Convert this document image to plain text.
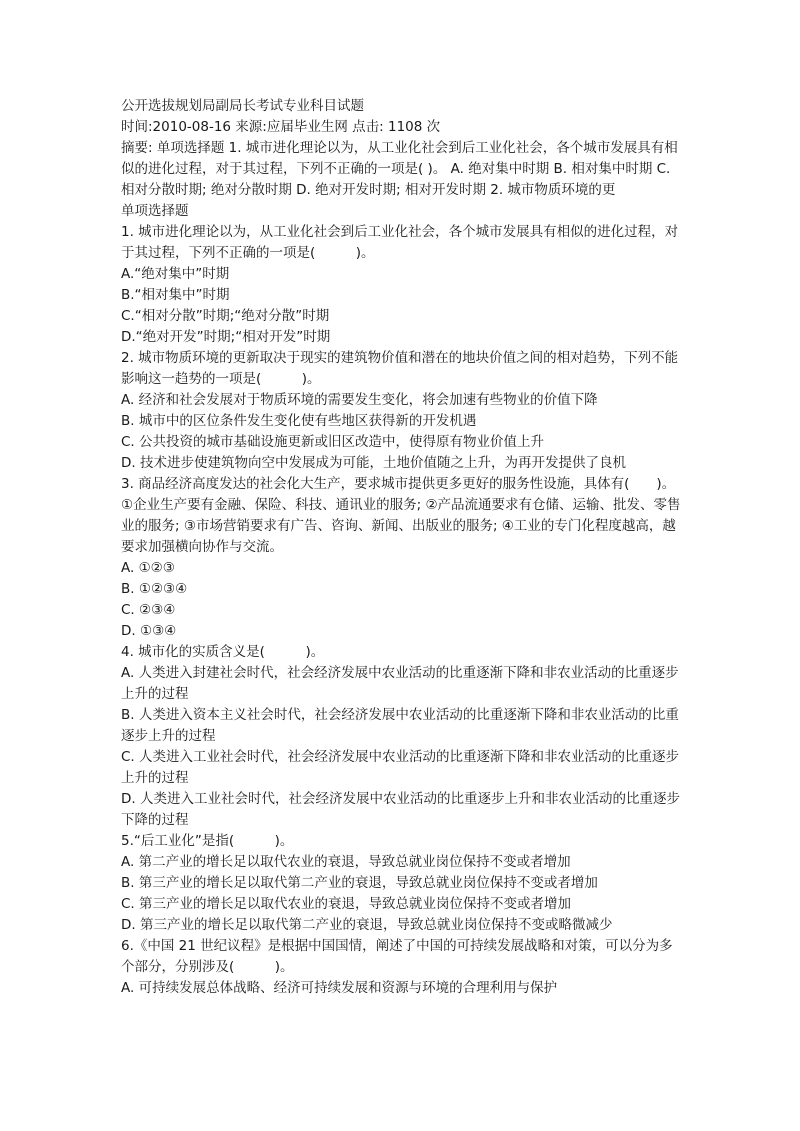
公开选拔规划局副局长考试专业科目试题
时间:2010-08-16 来源:应届毕业生网 点击: 1108 次
摘要: 单项选择题 1. 城市进化理论以为，从工业化社会到后工业化社会，各个城市发展具有相似的进化过程，对于其过程，下列不正确的一项是( )。 A. 绝对集中时期 B. 相对集中时期 C. 相对分散时期; 绝对分散时期 D. 绝对开发时期; 相对开发时期 2. 城市物质环境的更
单项选择题
1. 城市进化理论以为，从工业化社会到后工业化社会，各个城市发展具有相似的进化过程，对于其过程，下列不正确的一项是(　　　)。
A.“绝对集中”时期
B.“相对集中”时期
C.“相对分散”时期;“绝对分散”时期
D.“绝对开发”时期;“相对开发”时期
2. 城市物质环境的更新取决于现实的建筑物价值和潜在的地块价值之间的相对趋势，下列不能影响这一趋势的一项是(　　　)。
A. 经济和社会发展对于物质环境的需要发生变化，将会加速有些物业的价值下降
B. 城市中的区位条件发生变化使有些地区获得新的开发机遇
C. 公共投资的城市基础设施更新或旧区改造中，使得原有物业价值上升
D. 技术进步使建筑物向空中发展成为可能，土地价值随之上升，为再开发提供了良机
3. 商品经济高度发达的社会化大生产，要求城市提供更多更好的服务性设施，具体有(　　)。①企业生产要有金融、保险、科技、通讯业的服务; ②产品流通要求有仓储、运输、批发、零售业的服务; ③市场营销要求有广告、咨询、新闻、出版业的服务; ④工业的专门化程度越高，越要求加强横向协作与交流。
A. ①②③
B. ①②③④
C. ②③④
D. ①③④
4. 城市化的实质含义是(　　　)。
A. 人类进入封建社会时代，社会经济发展中农业活动的比重逐渐下降和非农业活动的比重逐步上升的过程
B. 人类进入资本主义社会时代，社会经济发展中农业活动的比重逐渐下降和非农业活动的比重逐步上升的过程
C. 人类进入工业社会时代，社会经济发展中农业活动的比重逐渐下降和非农业活动的比重逐步上升的过程
D. 人类进入工业社会时代，社会经济发展中农业活动的比重逐步上升和非农业活动的比重逐步下降的过程
5.“后工业化”是指(　　　)。
A. 第二产业的增长足以取代农业的衰退，导致总就业岗位保持不变或者增加
B. 第三产业的增长足以取代第二产业的衰退，导致总就业岗位保持不变或者增加
C. 第三产业的增长足以取代农业的衰退，导致总就业岗位保持不变或者增加
D. 第三产业的增长足以取代第二产业的衰退，导致总就业岗位保持不变或略微减少
6.《中国 21 世纪议程》是根据中国国情，阐述了中国的可持续发展战略和对策，可以分为多个部分，分别涉及(　　　)。
A. 可持续发展总体战略、经济可持续发展和资源与环境的合理利用与保护
